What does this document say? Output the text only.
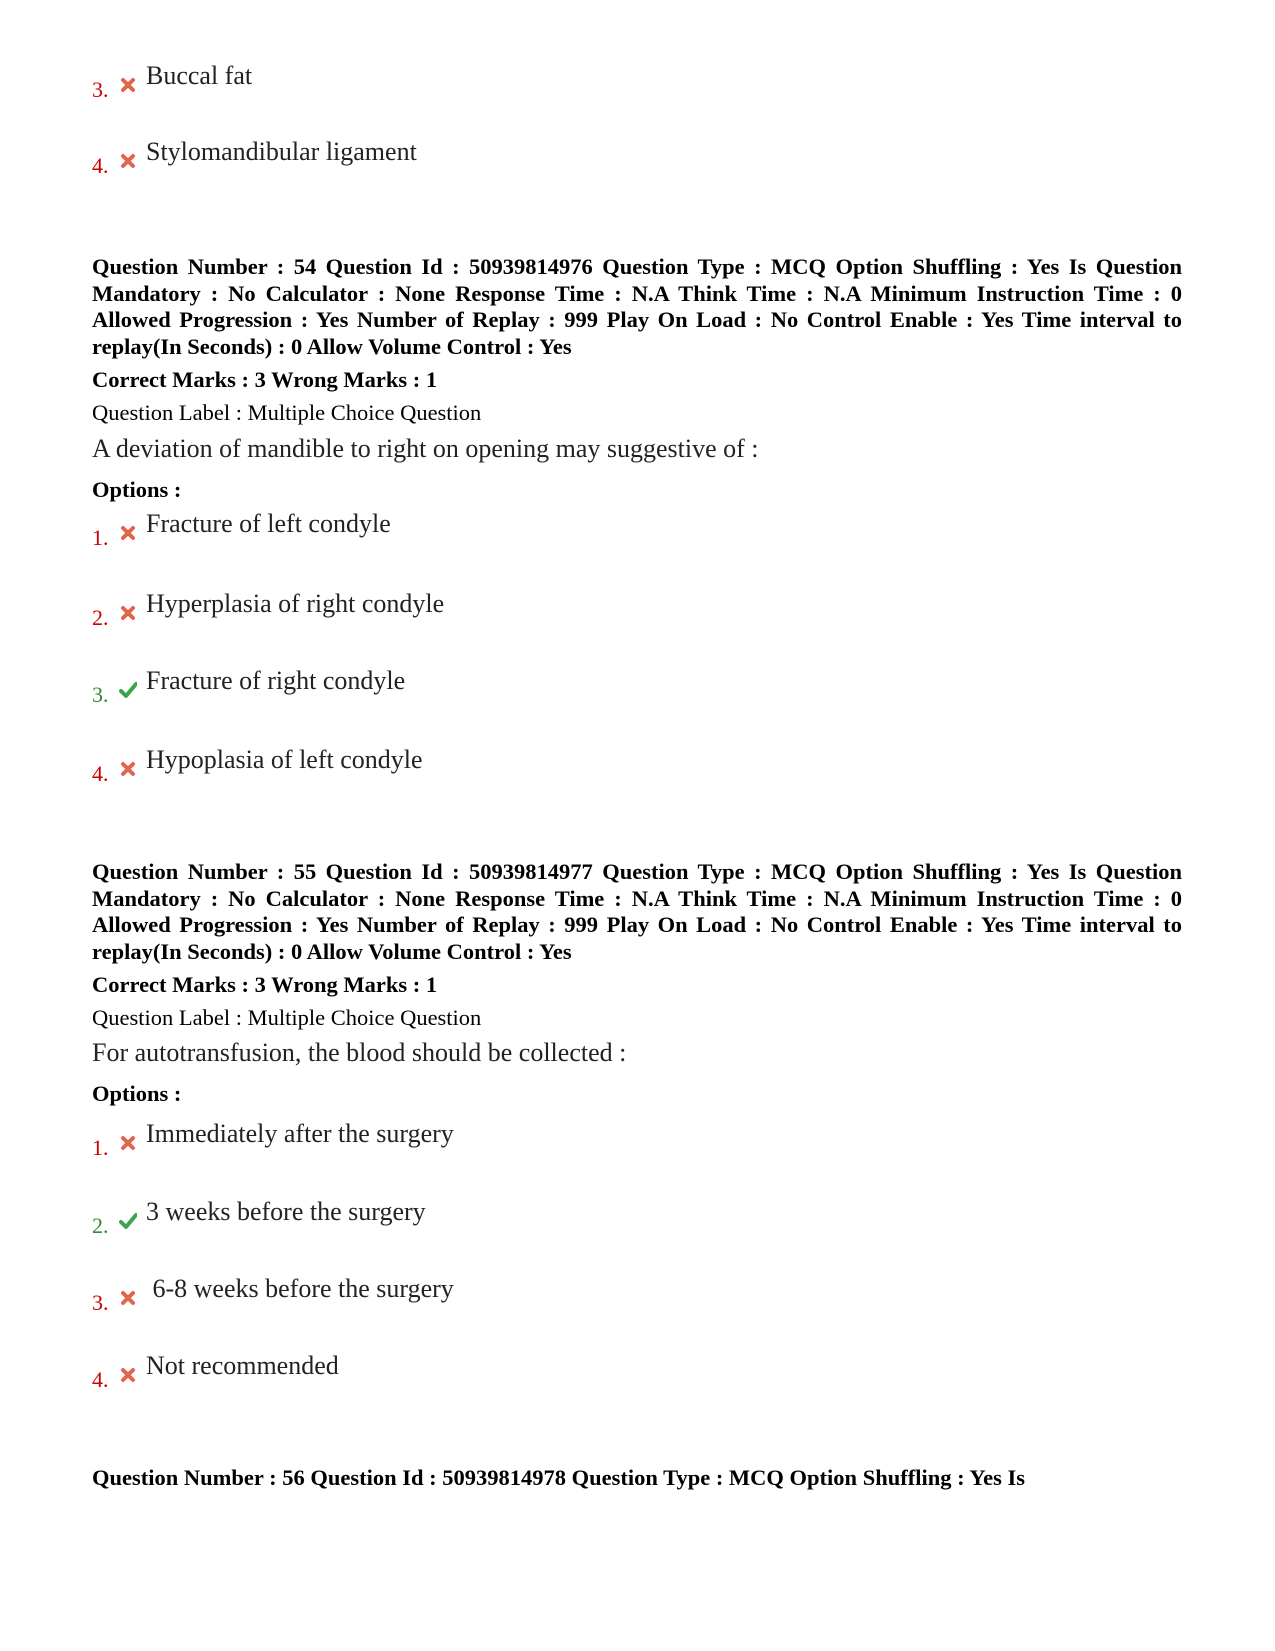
3. Buccal fat
4. Stylomandibular ligament

Question Number : 54 Question Id : 50939814976 Question Type : MCQ Option Shuffling : Yes Is Question Mandatory : No Calculator : None Response Time : N.A Think Time : N.A Minimum Instruction Time : 0 Allowed Progression : Yes Number of Replay : 999 Play On Load : No Control Enable : Yes Time interval to replay(In Seconds) : 0 Allow Volume Control : Yes

Correct Marks : 3 Wrong Marks : 1
Question Label : Multiple Choice Question
A deviation of mandible to right on opening may suggestive of :
Options :
1. Fracture of left condyle
2. Hyperplasia of right condyle
3. Fracture of right condyle
4. Hypoplasia of left condyle

Question Number : 55 Question Id : 50939814977 Question Type : MCQ Option Shuffling : Yes Is Question Mandatory : No Calculator : None Response Time : N.A Think Time : N.A Minimum Instruction Time : 0 Allowed Progression : Yes Number of Replay : 999 Play On Load : No Control Enable : Yes Time interval to replay(In Seconds) : 0 Allow Volume Control : Yes

Correct Marks : 3 Wrong Marks : 1
Question Label : Multiple Choice Question
For autotransfusion, the blood should be collected :
Options :
1. Immediately after the surgery
2. 3 weeks before the surgery
3. 6-8 weeks before the surgery
4. Not recommended

Question Number : 56 Question Id : 50939814978 Question Type : MCQ Option Shuffling : Yes Is
